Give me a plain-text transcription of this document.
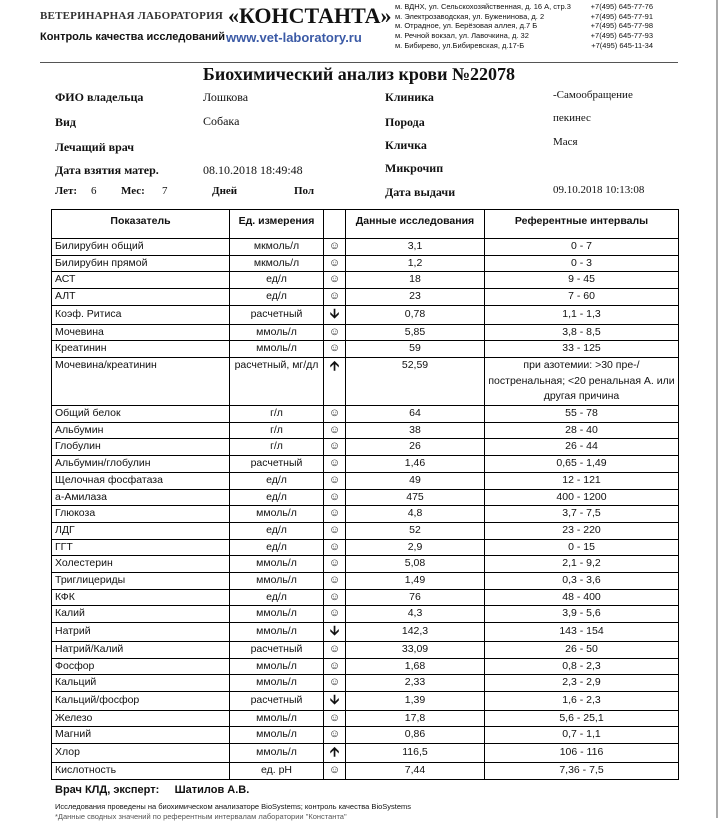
ВЕТЕРИНАРНАЯ ЛАБОРАТОРИЯ «КОНСТАНТА»
Контроль качества исследований www.vet-laboratory.ru
м. ВДНХ, ул. Сельскохозяйственная, д. 16 А, стр.3	+7(495) 645-77-76
м. Электрозаводская, ул. Бужениновa, д. 2	+7(495) 645-77-91
м. Отрадное, ул. Берёзовая аллея, д.7 Б	+7(495) 645-77-98
м. Речной вокзал, ул. Лавочкина, д. 32	+7(495) 645-77-93
м. Бибирево, ул.Бибиревская, д.17-Б	+7(495) 645-11-34
Биохимический анализ крови №22078
ФИО владельца	Лошкова
Вид	Собака
Лечащий врач
Дата взятия матер.	08.10.2018 18:49:48
Лет: 6 Мес: 7	Дней	Пол
Клиника	-Самообращение
Порода	пекинес
Кличка	Мася
Микрочип
Дата выдачи	09.10.2018 10:13:08
Показатель	Ед. измерения		Данные исследования	Референтные интервалы
Билирубин общий	мкмоль/л	☺	3,1	0 - 7
Билирубин прямой	мкмоль/л	☺	1,2	0 - 3
АСТ	ед/л	☺	18	9 - 45
АЛТ	ед/л	☺	23	7 - 60
Коэф. Ритиса	расчетный	🡫	0,78	1,1 - 1,3
Мочевина	ммоль/л	☺	5,85	3,8 - 8,5
Креатинин	ммоль/л	☺	59	33 - 125
Мочевина/креатинин	расчетный, мг/дл	🡩	52,59	при азотемии: >30 пре-/постренальная; <20 ренальная А. или другая причина
Общий белок	г/л	☺	64	55 - 78
Альбумин	г/л	☺	38	28 - 40
Глобулин	г/л	☺	26	26 - 44
Альбумин/глобулин	расчетный	☺	1,46	0,65 - 1,49
Щелочная фосфатаза	ед/л	☺	49	12 - 121
а-Амилаза	ед/л	☺	475	400 - 1200
Глюкоза	ммоль/л	☺	4,8	3,7 - 7,5
ЛДГ	ед/л	☺	52	23 - 220
ГГТ	ед/л	☺	2,9	0 - 15
Холестерин	ммоль/л	☺	5,08	2,1 - 9,2
Триглицериды	ммоль/л	☺	1,49	0,3 - 3,6
КФК	ед/л	☺	76	48 - 400
Калий	ммоль/л	☺	4,3	3,9 - 5,6
Натрий	ммоль/л	🡫	142,3	143 - 154
Натрий/Калий	расчетный	☺	33,09	26 - 50
Фосфор	ммоль/л	☺	1,68	0,8 - 2,3
Кальций	ммоль/л	☺	2,33	2,3 - 2,9
Кальций/фосфор	расчетный	🡫	1,39	1,6 - 2,3
Железо	ммоль/л	☺	17,8	5,6 - 25,1
Магний	ммоль/л	☺	0,86	0,7 - 1,1
Хлор	ммоль/л	🡩	116,5	106 - 116
Кислотность	ед. pH	☺	7,44	7,36 - 7,5
Врач КЛД, эксперт: Шатилов А.В.
Исследования проведены на биохимическом анализаторе BioSystems; контроль качества BioSystems
*Данные сводных значений по референтным интервалам лаборатории "Константа"
